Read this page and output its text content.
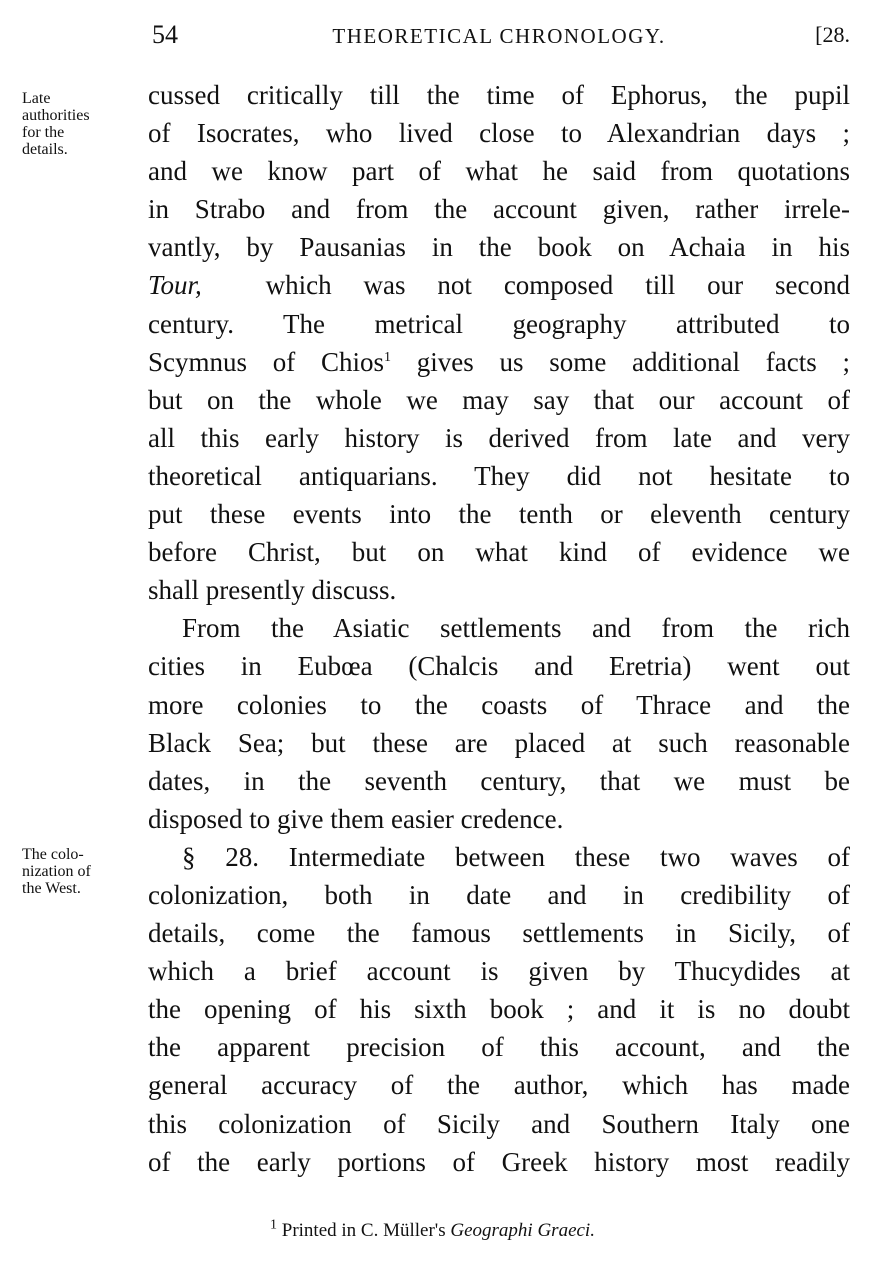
54	THEORETICAL CHRONOLOGY.	[28.
Late
authorities
for the
details.
The colo-
nization of
the West.
cussed critically till the time of Ephorus, the pupil
of Isocrates, who lived close to Alexandrian days ;
and we know part of what he said from quotations
in Strabo and from the account given, rather irrele-
vantly, by Pausanias in the book on Achaia in his
Tour, which was not composed till our second
century. The metrical geography attributed to
Scymnus of Chios$^1$ gives us some additional facts ;
but on the whole we may say that our account of
all this early history is derived from late and very
theoretical antiquarians. They did not hesitate to
put these events into the tenth or eleventh century
before Christ, but on what kind of evidence we
shall presently discuss.
From the Asiatic settlements and from the rich
cities in Eubœa (Chalcis and Eretria) went out
more colonies to the coasts of Thrace and the
Black Sea; but these are placed at such reasonable
dates, in the seventh century, that we must be
disposed to give them easier credence.
§ 28. Intermediate between these two waves of
colonization, both in date and in credibility of
details, come the famous settlements in Sicily, of
which a brief account is given by Thucydides at
the opening of his sixth book ; and it is no doubt
the apparent precision of this account, and the
general accuracy of the author, which has made
this colonization of Sicily and Southern Italy one
of the early portions of Greek history most readily
$^1$ Printed in C. Müller's Geographi Graeci.
